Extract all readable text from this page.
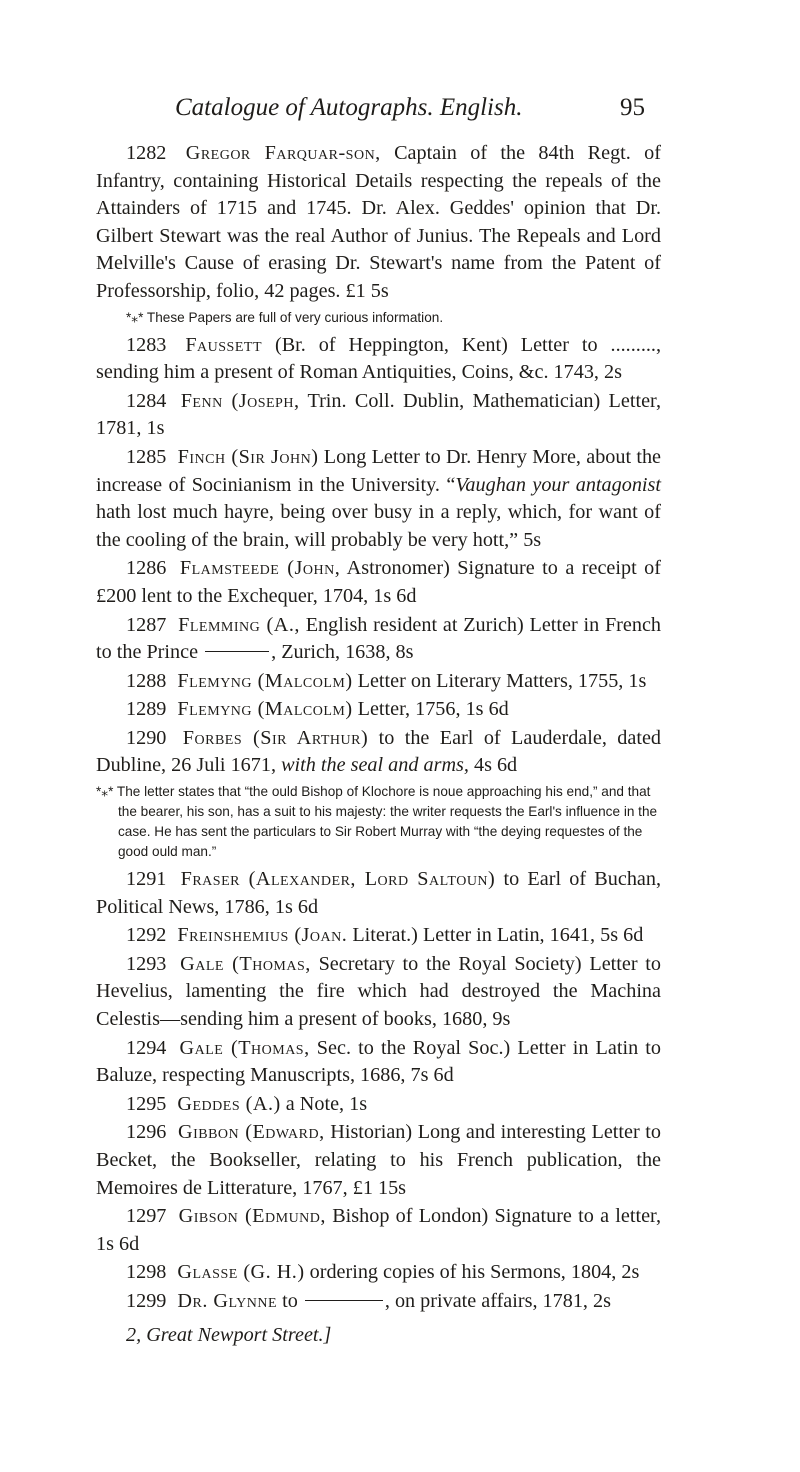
Catalogue of Autographs. English.	95

1282 Gregor Farquar-son, Captain of the 84th Regt. of Infantry, containing Historical Details respecting the repeals of the Attainders of 1715 and 1745. Dr. Alex. Geddes' opinion that Dr. Gilbert Stewart was the real Author of Junius. The Repeals and Lord Melville's Cause of erasing Dr. Stewart's name from the Patent of Professorship, folio, 42 pages. £1 5s

*⁎* These Papers are full of very curious information.

1283 Faussett (Br. of Heppington, Kent) Letter to ........., sending him a present of Roman Antiquities, Coins, &c. 1743, 2s

1284 Fenn (Joseph, Trin. Coll. Dublin, Mathematician) Letter, 1781, 1s

1285 Finch (Sir John) Long Letter to Dr. Henry More, about the increase of Socinianism in the University. “Vaughan your antagonist hath lost much hayre, being over busy in a reply, which, for want of the cooling of the brain, will probably be very hott,” 5s

1286 Flamsteede (John, Astronomer) Signature to a receipt of £200 lent to the Exchequer, 1704, 1s 6d

1287 Flemming (A., English resident at Zurich) Letter in French to the Prince	, Zurich, 1638, 8s

1288 Flemyng (Malcolm) Letter on Literary Matters, 1755, 1s

1289 Flemyng (Malcolm) Letter, 1756, 1s 6d

1290 Forbes (Sir Arthur) to the Earl of Lauderdale, dated Dubline, 26 Juli 1671, with the seal and arms, 4s 6d

*⁎* The letter states that “the ould Bishop of Klochore is noue approaching his end,” and that the bearer, his son, has a suit to his majesty: the writer requests the Earl's influence in the case. He has sent the particulars to Sir Robert Murray with “the deying requestes of the good ould man.”

1291 Fraser (Alexander, Lord Saltoun) to Earl of Buchan, Political News, 1786, 1s 6d

1292 Freinshemius (Joan. Literat.) Letter in Latin, 1641, 5s 6d

1293 Gale (Thomas, Secretary to the Royal Society) Letter to Hevelius, lamenting the fire which had destroyed the Machina Celestis—sending him a present of books, 1680, 9s

1294 Gale (Thomas, Sec. to the Royal Soc.) Letter in Latin to Baluze, respecting Manuscripts, 1686, 7s 6d

1295 Geddes (A.) a Note, 1s

1296 Gibbon (Edward, Historian) Long and interesting Letter to Becket, the Bookseller, relating to his French publication, the Memoires de Litterature, 1767, £1 15s

1297 Gibson (Edmund, Bishop of London) Signature to a letter, 1s 6d

1298 Glasse (G. H.) ordering copies of his Sermons, 1804, 2s

1299 Dr. Glynne to	, on private affairs, 1781, 2s

2, Great Newport Street.]
